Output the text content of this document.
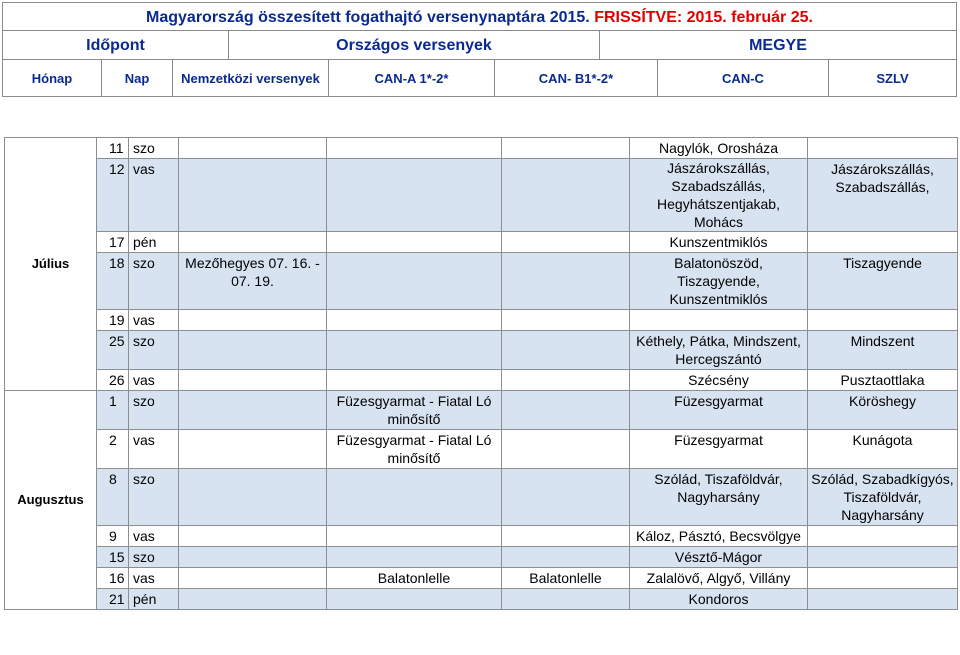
Magyarország összesített fogathajtó versenynaptára 2015. FRISSÍTVE: 2015. február 25.
Időpont	Országos versenyek	MEGYE
Hónap	Nap	Nemzetközi versenyek	CAN-A 1*-2*	CAN- B1*-2*	CAN-C	SZLV
Július	11	szo				Nagylók, Orosháza	
	12	vas				Jászárokszállás, Szabadszállás, Hegyhátszentjakab, Mohács	Jászárokszállás, Szabadszállás,
	17	pén				Kunszentmiklós	
	18	szo	Mezőhegyes 07. 16. - 07. 19.			Balatonöszöd, Tiszagyende, Kunszentmiklós	Tiszagyende
	19	vas					
	25	szo				Kéthely, Pátka, Mindszent, Hercegszántó	Mindszent
	26	vas				Szécsény	Pusztaottlaka
Augusztus	1	szo		Füzesgyarmat - Fiatal Ló minősítő		Füzesgyarmat	Köröshegy
	2	vas		Füzesgyarmat - Fiatal Ló minősítő		Füzesgyarmat	Kunágota
	8	szo				Szólád, Tiszaföldvár, Nagyharsány	Szólád, Szabadkígyós, Tiszaföldvár, Nagyharsány
	9	vas				Káloz, Pásztó, Becsvölgye	
	15	szo				Vésztő-Mágor	
	16	vas		Balatonlelle	Balatonlelle	Zalalövő, Algyő, Villány	
	21	pén				Kondoros	
